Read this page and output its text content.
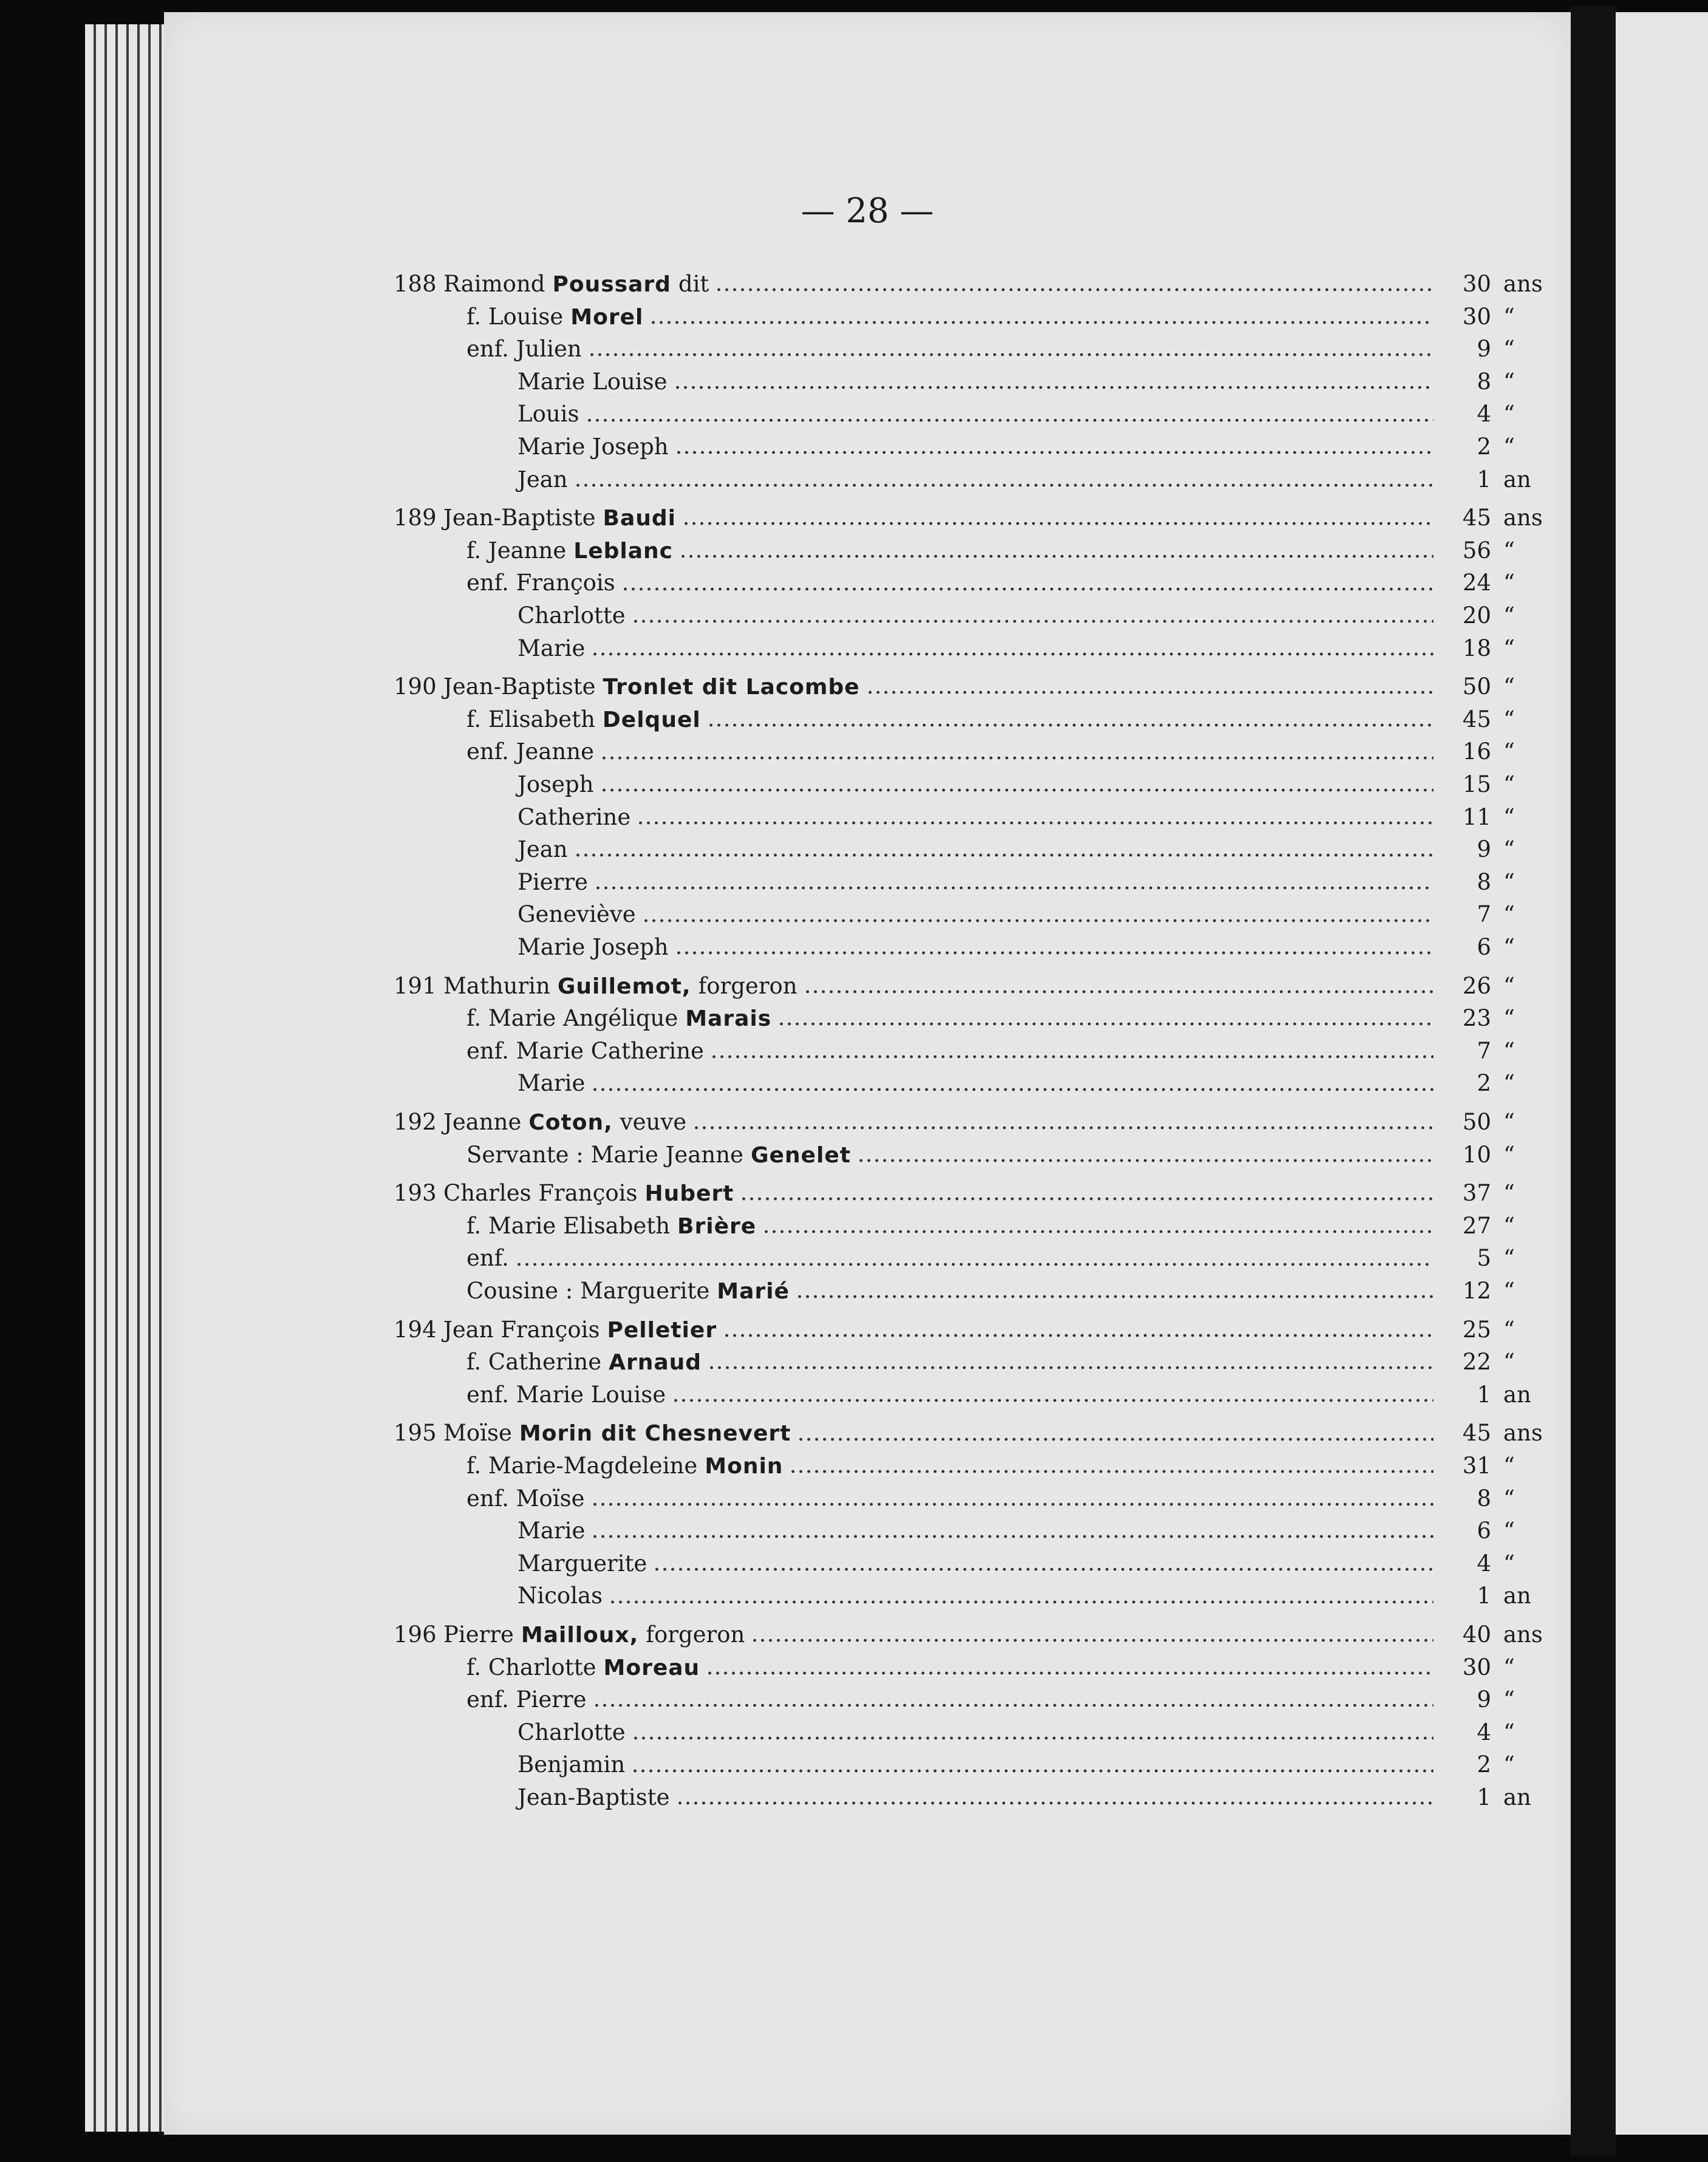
— 28 —
188 Raimond Poussard dit	30 ans
f. Louise Morel	30 “
enf. Julien	9 “
Marie Louise	8 “
Louis	4 “
Marie Joseph	2 “
Jean	1 an
189 Jean-Baptiste Baudi	45 ans
f. Jeanne Leblanc	56 “
enf. François	24 “
Charlotte	20 “
Marie	18 “
190 Jean-Baptiste Tronlet dit Lacombe	50 “
f. Elisabeth Delquel	45 “
enf. Jeanne	16 “
Joseph	15 “
Catherine	11 “
Jean	9 “
Pierre	8 “
Geneviève	7 “
Marie Joseph	6 “
191 Mathurin Guillemot, forgeron	26 “
f. Marie Angélique Marais	23 “
enf. Marie Catherine	7 “
Marie	2 “
192 Jeanne Coton, veuve	50 “
Servante : Marie Jeanne Genelet	10 “
193 Charles François Hubert	37 “
f. Marie Elisabeth Brière	27 “
enf.	5 “
Cousine : Marguerite Marié	12 “
194 Jean François Pelletier	25 “
f. Catherine Arnaud	22 “
enf. Marie Louise	1 an
195 Moïse Morin dit Chesnevert	45 ans
f. Marie-Magdeleine Monin	31 “
enf. Moïse	8 “
Marie	6 “
Marguerite	4 “
Nicolas	1 an
196 Pierre Mailloux, forgeron	40 ans
f. Charlotte Moreau	30 “
enf. Pierre	9 “
Charlotte	4 “
Benjamin	2 “
Jean-Baptiste	1 an
